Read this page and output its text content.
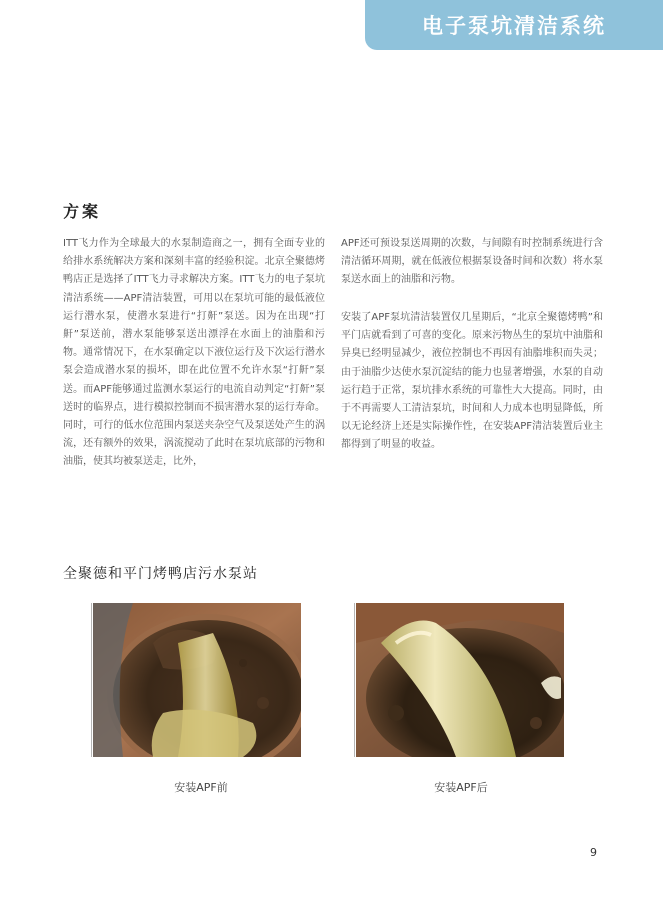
电子泵坑清洁系统
方案

ITT飞力作为全球最大的水泵制造商之一，拥有全面专业的给排水系统解决方案和深刻丰富的经验积淀。北京全聚德烤鸭店正是选择了ITT飞力寻求解决方案。ITT飞力的电子泵坑清洁系统——APF清洁装置，可用以在泵坑可能的最低液位运行潜水泵，使潜水泵进行“打鼾”泵送。因为在出现“打鼾”泵送前，潜水泵能够泵送出漂浮在水面上的油脂和污物。通常情况下，在水泵确定以下液位运行及下次运行潜水泵会造成潜水泵的损坏，即在此位置不允许水泵“打鼾”泵送。而APF能够通过监测水泵运行的电流自动判定“打鼾”泵送时的临界点，进行模拟控制而不损害潜水泵的运行寿命。同时，可行的低水位范围内泵送夹杂空气及泵送处产生的涡流，还有额外的效果，涡流搅动了此时在泵坑底部的污物和油脂，使其均被泵送走，比外，

APF还可预设泵送周期的次数，与间隙有时控制系统进行含清洁循环周期，就在低液位根据泵设备时间和次数）将水泵泵送水面上的油脂和污物。

安装了APF泵坑清洁装置仅几星期后，“北京全聚德烤鸭”和平门店就看到了可喜的变化。原来污物丛生的泵坑中油脂和异臭已经明显减少，液位控制也不再因有油脂堆积而失灵；由于油脂少达使水泵沉淀结的能力也显著增强，水泵的自动运行趋于正常，泵坑排水系统的可靠性大大提高。同时，由于不再需要人工清洁泵坑，时间和人力成本也明显降低，所以无论经济上还是实际操作性，在安装APF清洁装置后业主都得到了明显的收益。

全聚德和平门烤鸭店污水泵站
安装APF前	安装APF后
9
